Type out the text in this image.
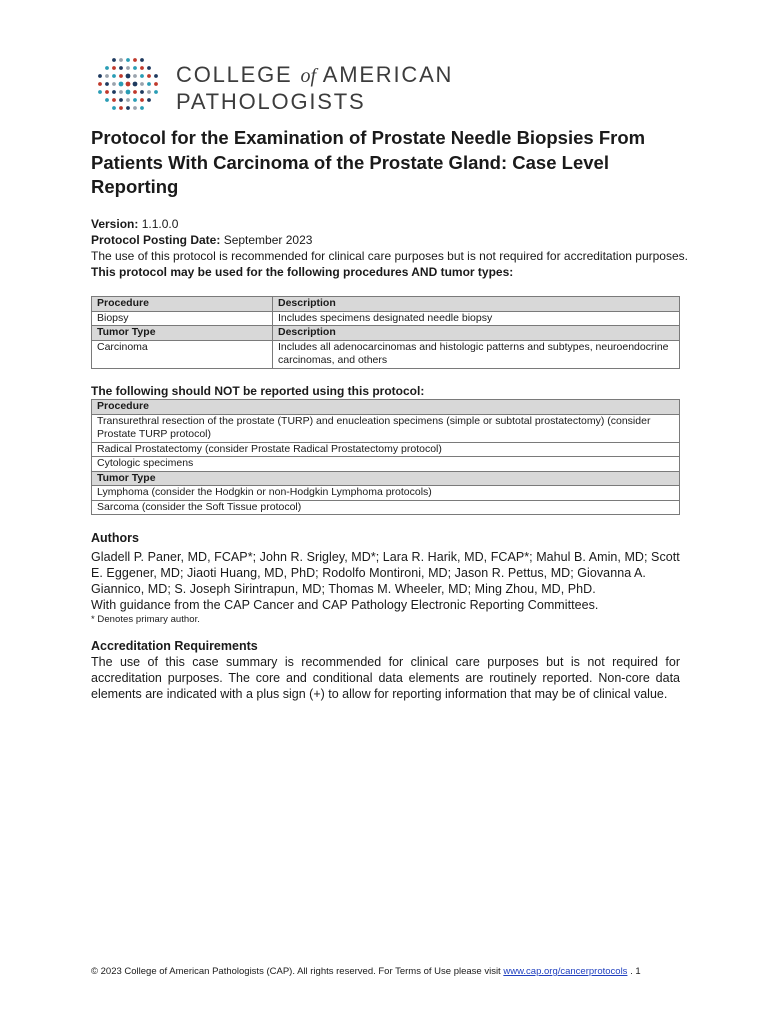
COLLEGE of AMERICAN
PATHOLOGISTS
Protocol for the Examination of Prostate Needle Biopsies From Patients With Carcinoma of the Prostate Gland: Case Level Reporting
Version: 1.1.0.0
Protocol Posting Date: September 2023
The use of this protocol is recommended for clinical care purposes but is not required for accreditation purposes.
This protocol may be used for the following procedures AND tumor types:
Procedure	Description
Biopsy	Includes specimens designated needle biopsy
Tumor Type	Description
Carcinoma	Includes all adenocarcinomas and histologic patterns and subtypes, neuroendocrine carcinomas, and others
The following should NOT be reported using this protocol:
Procedure
Transurethral resection of the prostate (TURP) and enucleation specimens (simple or subtotal prostatectomy) (consider Prostate TURP protocol)
Radical Prostatectomy (consider Prostate Radical Prostatectomy protocol)
Cytologic specimens
Tumor Type
Lymphoma (consider the Hodgkin or non-Hodgkin Lymphoma protocols)
Sarcoma (consider the Soft Tissue protocol)
Authors

Gladell P. Paner, MD, FCAP*; John R. Srigley, MD*; Lara R. Harik, MD, FCAP*; Mahul B. Amin, MD; Scott E. Eggener, MD; Jiaoti Huang, MD, PhD; Rodolfo Montironi, MD; Jason R. Pettus, MD; Giovanna A. Giannico, MD; S. Joseph Sirintrapun, MD; Thomas M. Wheeler, MD; Ming Zhou, MD, PhD.

With guidance from the CAP Cancer and CAP Pathology Electronic Reporting Committees.

* Denotes primary author.

Accreditation Requirements

The use of this case summary is recommended for clinical care purposes but is not required for accreditation purposes. The core and conditional data elements are routinely reported. Non-core data elements are indicated with a plus sign (+) to allow for reporting information that may be of clinical value.

© 2023 College of American Pathologists (CAP). All rights reserved. For Terms of Use please visit www.cap.org/cancerprotocols . 1
